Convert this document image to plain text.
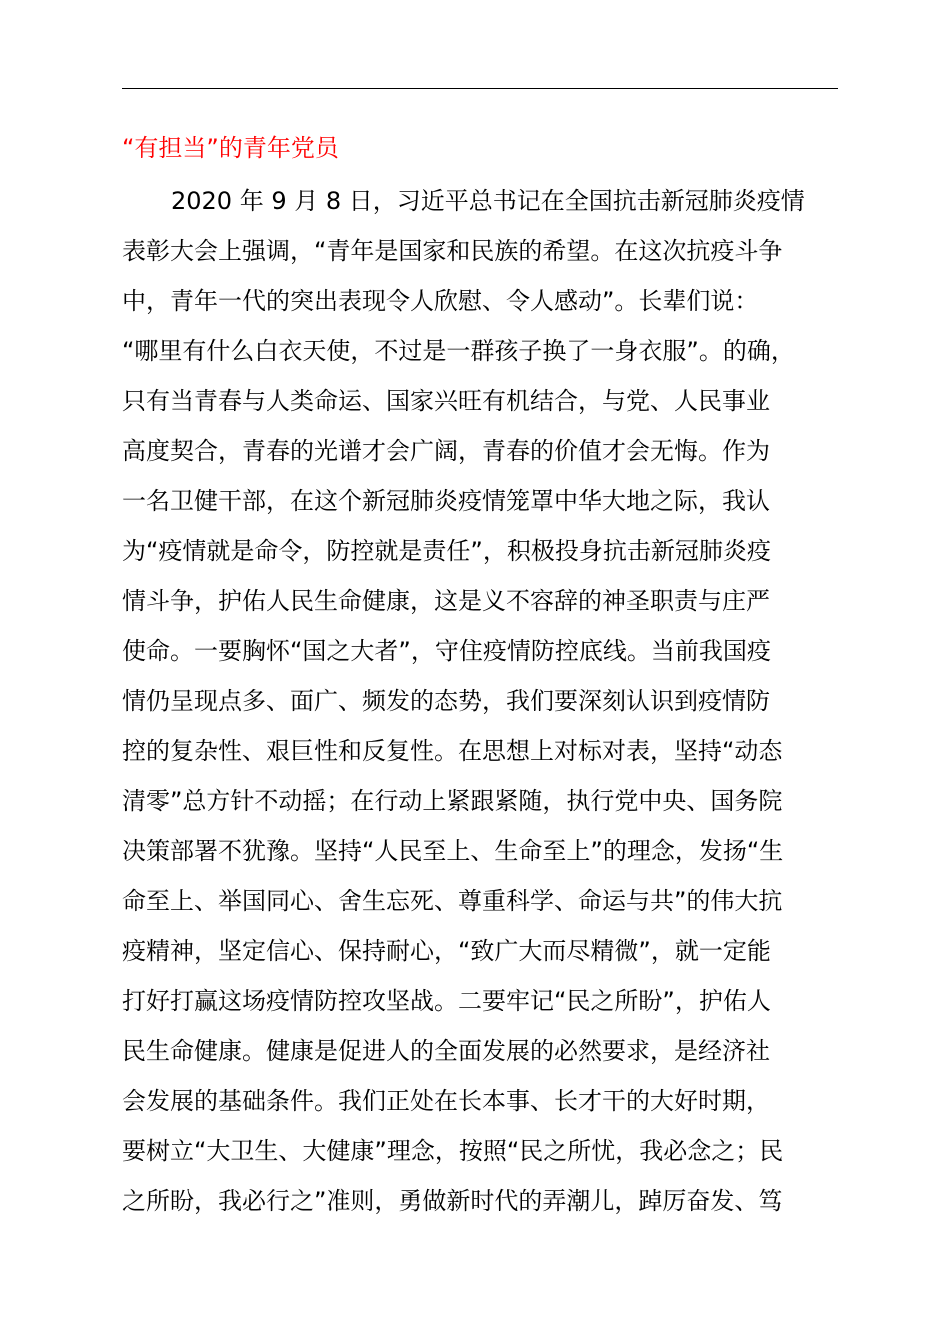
“有担当”的青年党员
2020 年 9 月 8 日，习近平总书记在全国抗击新冠肺炎疫情
表彰大会上强调，“青年是国家和民族的希望。在这次抗疫斗争
中，青年一代的突出表现令人欣慰、令人感动”。长辈们说：
“哪里有什么白衣天使，不过是一群孩子换了一身衣服”。的确，
只有当青春与人类命运、国家兴旺有机结合，与党、人民事业
高度契合，青春的光谱才会广阔，青春的价值才会无悔。作为
一名卫健干部，在这个新冠肺炎疫情笼罩中华大地之际，我认
为“疫情就是命令，防控就是责任”，积极投身抗击新冠肺炎疫
情斗争，护佑人民生命健康，这是义不容辞的神圣职责与庄严
使命。一要胸怀“国之大者”，守住疫情防控底线。当前我国疫
情仍呈现点多、面广、频发的态势，我们要深刻认识到疫情防
控的复杂性、艰巨性和反复性。在思想上对标对表，坚持“动态
清零”总方针不动摇；在行动上紧跟紧随，执行党中央、国务院
决策部署不犹豫。坚持“人民至上、生命至上”的理念，发扬“生
命至上、举国同心、舍生忘死、尊重科学、命运与共”的伟大抗
疫精神，坚定信心、保持耐心，“致广大而尽精微”，就一定能
打好打赢这场疫情防控攻坚战。二要牢记“民之所盼”，护佑人
民生命健康。健康是促进人的全面发展的必然要求，是经济社
会发展的基础条件。我们正处在长本事、长才干的大好时期，
要树立“大卫生、大健康”理念，按照“民之所忧，我必念之；民
之所盼，我必行之”准则，勇做新时代的弄潮儿，踔厉奋发、笃
